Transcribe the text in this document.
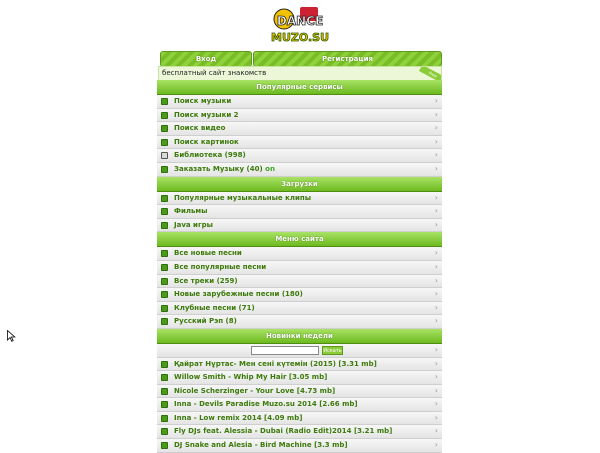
DANCE
MUZO.SU
Вход	Регистрация
бесплатный сайт знакомств	Free
Популярные сервисы
Поиск музыки	›
Поиск музыки 2	›
Поиск видео	›
Поиск картинок	›
Библиотека (998)	›
Заказать Музыку (40) on	›
Загрузки
Популярные музыкальные клипы	›
Фильмы	›
Java игры	›
Меню сайта
Все новые песни	›
Все популярные песни	›
Все треки (259)	›
Новые зарубежные песни (180)	›
Клубные песни (71)	›
Русский Рэп (8)	›
Новинки недели
Искать	›
Қайрат Нұртас- Мен сені күтемін (2015) [3.31 mb]	›
Willow Smith - Whip My Hair [3.05 mb]	›
Nicole Scherzinger - Your Love [4.73 mb]	›
Inna - Devils Paradise Muzo.su 2014 [2.66 mb]	›
Inna - Low remix 2014 [4.09 mb]	›
Fly DJs feat. Alessia - Dubai (Radio Edit)2014 [3.21 mb]	›
DJ Snake and Alesia - Bird Machine [3.3 mb]	›
